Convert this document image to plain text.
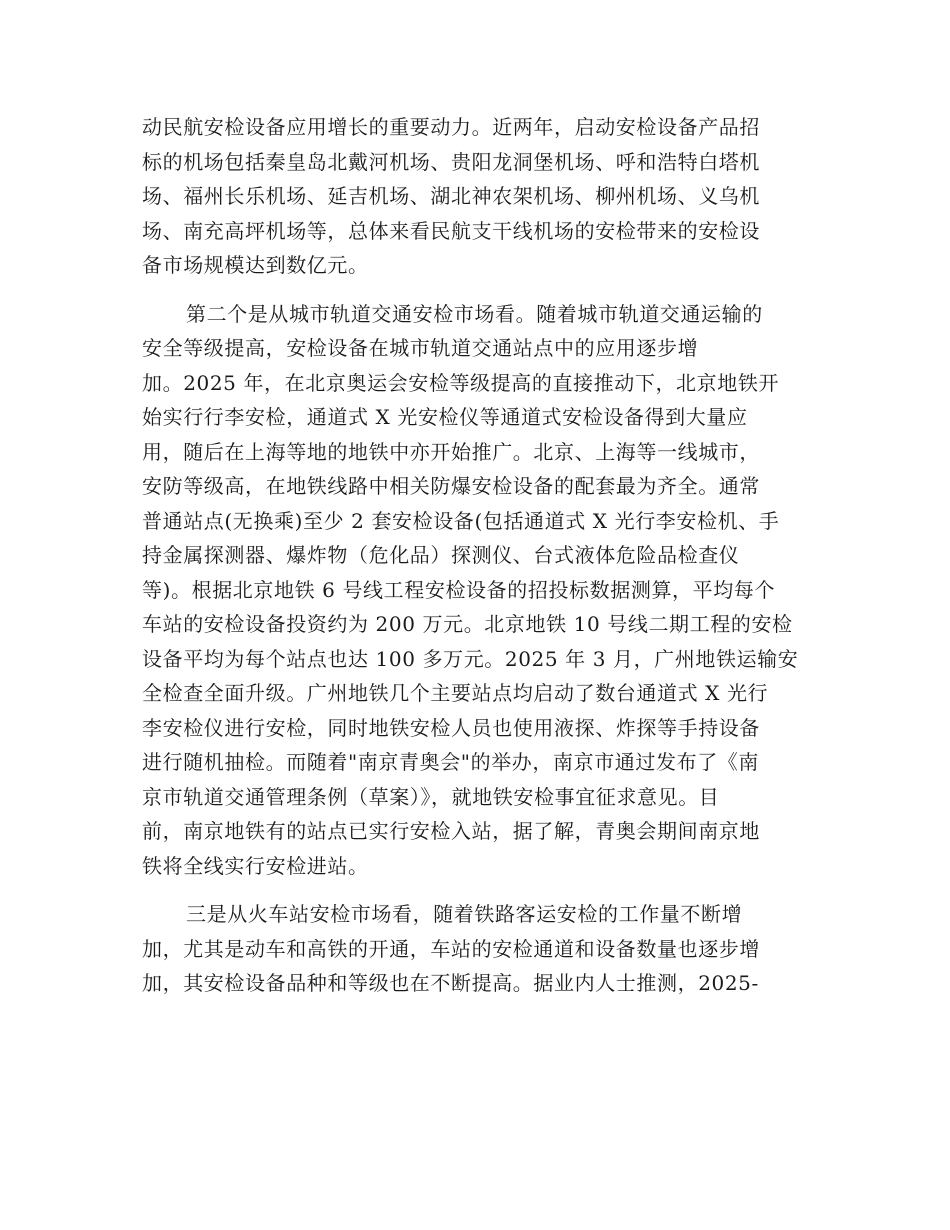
动民航安检设备应用增长的重要动力。近两年，启动安检设备产品招
标的机场包括秦皇岛北戴河机场、贵阳龙洞堡机场、呼和浩特白塔机
场、福州长乐机场、延吉机场、湖北神农架机场、柳州机场、义乌机
场、南充高坪机场等，总体来看民航支干线机场的安检带来的安检设
备市场规模达到数亿元。
第二个是从城市轨道交通安检市场看。随着城市轨道交通运输的
安全等级提高，安检设备在城市轨道交通站点中的应用逐步增
加。2025 年，在北京奥运会安检等级提高的直接推动下，北京地铁开
始实行行李安检，通道式 X 光安检仪等通道式安检设备得到大量应
用，随后在上海等地的地铁中亦开始推广。北京、上海等一线城市，
安防等级高，在地铁线路中相关防爆安检设备的配套最为齐全。通常
普通站点(无换乘)至少 2 套安检设备(包括通道式 X 光行李安检机、手
持金属探测器、爆炸物（危化品）探测仪、台式液体危险品检查仪
等)。根据北京地铁 6 号线工程安检设备的招投标数据测算，平均每个
车站的安检设备投资约为 200 万元。北京地铁 10 号线二期工程的安检
设备平均为每个站点也达 100 多万元。2025 年 3 月，广州地铁运输安
全检查全面升级。广州地铁几个主要站点均启动了数台通道式 X 光行
李安检仪进行安检，同时地铁安检人员也使用液探、炸探等手持设备
进行随机抽检。而随着"南京青奥会"的举办，南京市通过发布了《南
京市轨道交通管理条例（草案）》，就地铁安检事宜征求意见。目
前，南京地铁有的站点已实行安检入站，据了解，青奥会期间南京地
铁将全线实行安检进站。
三是从火车站安检市场看，随着铁路客运安检的工作量不断增
加，尤其是动车和高铁的开通，车站的安检通道和设备数量也逐步增
加，其安检设备品种和等级也在不断提高。据业内人士推测，2025-
